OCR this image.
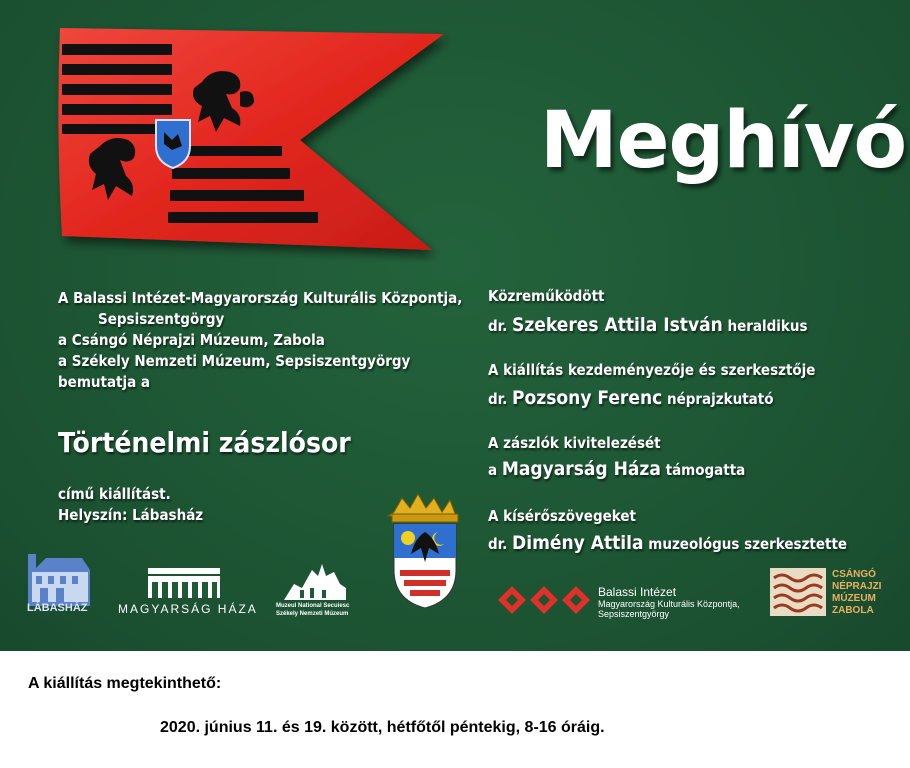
Meghívó
A Balassi Intézet-Magyarország Kulturális Központja,
Sepsiszentgörgy
a Csángó Néprajzi Múzeum, Zabola
a Székely Nemzeti Múzeum, Sepsiszentgyörgy
bemutatja a
Történelmi zászlósor
című kiállítást.
Helyszín: Lábasház
Közreműködött
dr. Szekeres Attila István heraldikus
A kiállítás kezdeményezője és szerkesztője
dr. Pozsony Ferenc néprajzkutató
A zászlók kivitelezését
a Magyarság Háza támogatta
A kísérőszövegeket
dr. Dimény Attila muzeológus szerkesztette
LÁBASHÁZ	MAGYARSÁG HÁZA	Muzeul National Secuiesc
Székely Nemzeti Múzeum
Balassi Intézet
Magyarország Kulturális Központja,
Sepsiszentgyörgy
CSÁNGÓ
NÉPRAJZI
MÚZEUM
ZABOLA
A kiállítás megtekinthető:
2020. június 11. és 19. között, hétfőtől péntekig, 8-16 óráig.
